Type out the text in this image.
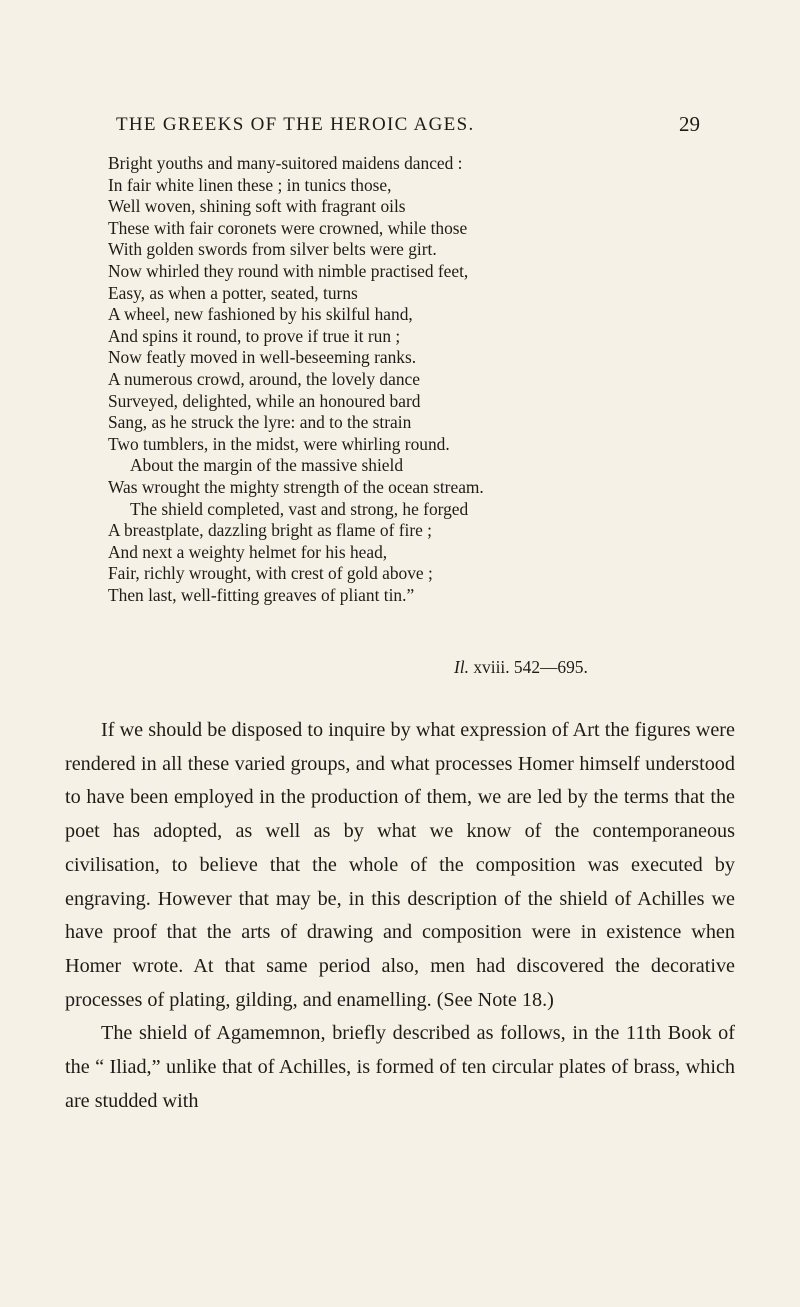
THE GREEKS OF THE HEROIC AGES.	29
Bright youths and many-suitored maidens danced :
In fair white linen these ; in tunics those,
Well woven, shining soft with fragrant oils
These with fair coronets were crowned, while those
With golden swords from silver belts were girt.
Now whirled they round with nimble practised feet,
Easy, as when a potter, seated, turns
A wheel, new fashioned by his skilful hand,
And spins it round, to prove if true it run ;
Now featly moved in well-beseeming ranks.
A numerous crowd, around, the lovely dance
Surveyed, delighted, while an honoured bard
Sang, as he struck the lyre: and to the strain
Two tumblers, in the midst, were whirling round.
About the margin of the massive shield
Was wrought the mighty strength of the ocean stream.
The shield completed, vast and strong, he forged
A breastplate, dazzling bright as flame of fire ;
And next a weighty helmet for his head,
Fair, richly wrought, with crest of gold above ;
Then last, well-fitting greaves of pliant tin.”
Il. xviii. 542—695.

If we should be disposed to inquire by what expression of Art the figures were rendered in all these varied groups, and what processes Homer himself understood to have been employed in the production of them, we are led by the terms that the poet has adopted, as well as by what we know of the contemporaneous civilisation, to believe that the whole of the composition was executed by engraving. However that may be, in this description of the shield of Achilles we have proof that the arts of drawing and composition were in existence when Homer wrote. At that same period also, men had discovered the decorative processes of plating, gilding, and enamelling. (See Note 18.)

The shield of Agamemnon, briefly described as follows, in the 11th Book of the “ Iliad,” unlike that of Achilles, is formed of ten circular plates of brass, which are studded with
